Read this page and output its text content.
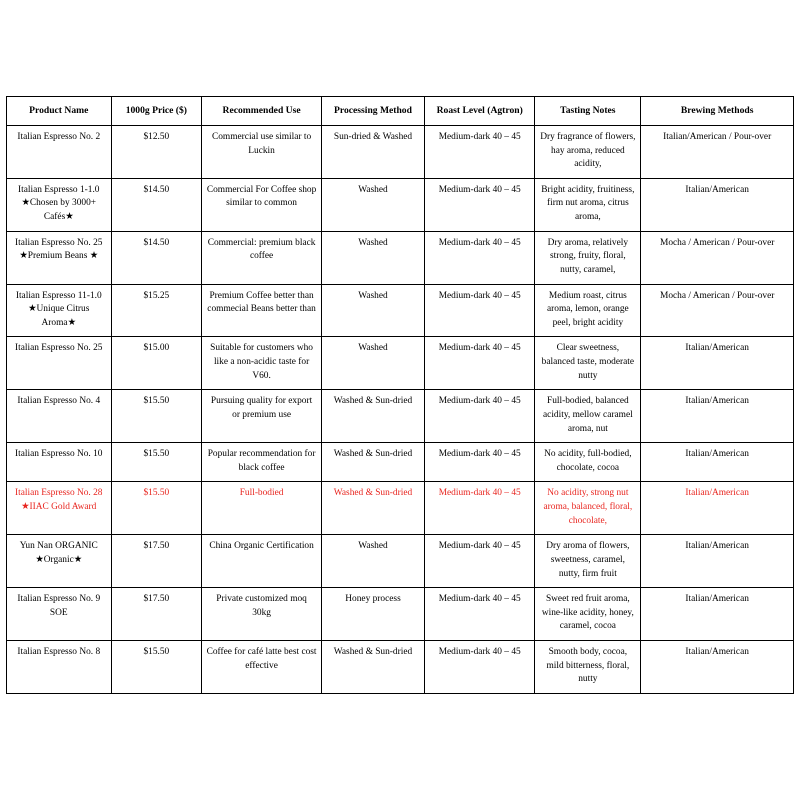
Product Name	1000g Price ($)	Recommended Use	Processing Method	Roast Level (Agtron)	Tasting Notes	Brewing Methods
Italian Espresso No. 2	$12.50	Commercial use similar to Luckin	Sun-dried & Washed	Medium-dark 40 – 45	Dry fragrance of flowers, hay aroma, reduced acidity,	Italian/American / Pour-over
Italian Espresso 1-1.0 ★Chosen by 3000+ Cafés★	$14.50	Commercial For Coffee shop similar to common	Washed	Medium-dark 40 – 45	Bright acidity, fruitiness, firm nut aroma, citrus aroma,	Italian/American
Italian Espresso No. 25 ★Premium Beans ★	$14.50	Commercial: premium black coffee	Washed	Medium-dark 40 – 45	Dry aroma, relatively strong, fruity, floral, nutty, caramel,	Mocha / American / Pour-over
Italian Espresso 11-1.0 ★Unique Citrus Aroma★	$15.25	Premium Coffee better than commecial Beans better than	Washed	Medium-dark 40 – 45	Medium roast, citrus aroma, lemon, orange peel, bright acidity	Mocha / American / Pour-over
Italian Espresso No. 25	$15.00	Suitable for customers who like a non-acidic taste for V60.	Washed	Medium-dark 40 – 45	Clear sweetness, balanced taste, moderate nutty	Italian/American
Italian Espresso No. 4	$15.50	Pursuing quality for export or premium use	Washed & Sun-dried	Medium-dark 40 – 45	Full-bodied, balanced acidity, mellow caramel aroma, nut	Italian/American
Italian Espresso No. 10	$15.50	Popular recommendation for black coffee	Washed & Sun-dried	Medium-dark 40 – 45	No acidity, full-bodied, chocolate, cocoa	Italian/American
Italian Espresso No. 28 ★IIAC Gold Award	$15.50	Full-bodied	Washed & Sun-dried	Medium-dark 40 – 45	No acidity, strong nut aroma, balanced, floral, chocolate,	Italian/American
Yun Nan ORGANIC ★Organic★	$17.50	China Organic Certification	Washed	Medium-dark 40 – 45	Dry aroma of flowers, sweetness, caramel, nutty, firm fruit	Italian/American
Italian Espresso No. 9 SOE	$17.50	Private customized moq 30kg	Honey process	Medium-dark 40 – 45	Sweet red fruit aroma, wine-like acidity, honey, caramel, cocoa	Italian/American
Italian Espresso No. 8	$15.50	Coffee for café latte best cost effective	Washed & Sun-dried	Medium-dark 40 – 45	Smooth body, cocoa, mild bitterness, floral, nutty	Italian/American
